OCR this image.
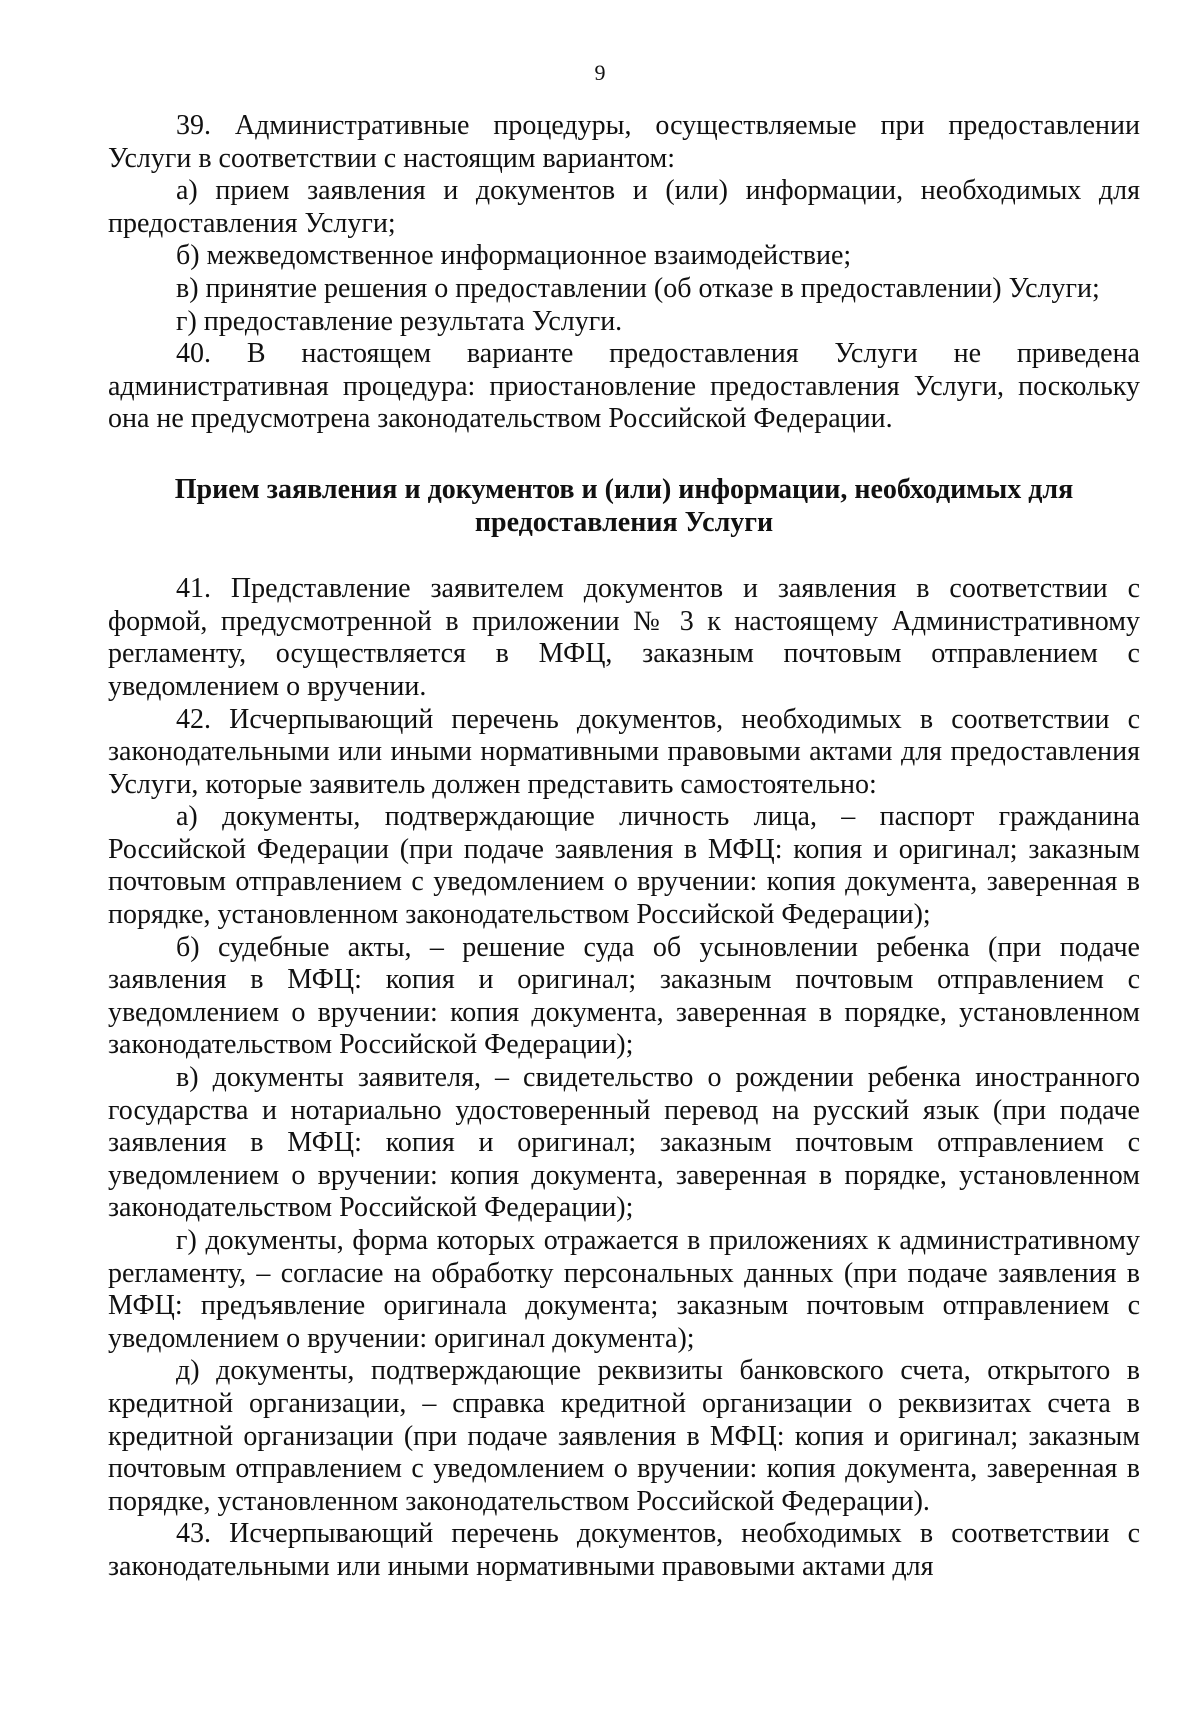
9

39. Административные процедуры, осуществляемые при предоставлении Услуги в соответствии с настоящим вариантом:

а) прием заявления и документов и (или) информации, необходимых для предоставления Услуги;

б) межведомственное информационное взаимодействие;

в) принятие решения о предоставлении (об отказе в предоставлении) Услуги;

г) предоставление результата Услуги.

40. В настоящем варианте предоставления Услуги не приведена административная процедура: приостановление предоставления Услуги, поскольку она не предусмотрена законодательством Российской Федерации.

Прием заявления и документов и (или) информации, необходимых для
предоставления Услуги

41. Представление заявителем документов и заявления в соответствии с формой, предусмотренной в приложении № 3 к настоящему Административному регламенту, осуществляется в МФЦ, заказным почтовым отправлением с уведомлением о вручении.

42. Исчерпывающий перечень документов, необходимых в соответствии с законодательными или иными нормативными правовыми актами для предоставления Услуги, которые заявитель должен представить самостоятельно:

а) документы, подтверждающие личность лица, – паспорт гражданина Российской Федерации (при подаче заявления в МФЦ: копия и оригинал; заказным почтовым отправлением с уведомлением о вручении: копия документа, заверенная в порядке, установленном законодательством Российской Федерации);

б) судебные акты, – решение суда об усыновлении ребенка (при подаче заявления в МФЦ: копия и оригинал; заказным почтовым отправлением с уведомлением о вручении: копия документа, заверенная в порядке, установленном законодательством Российской Федерации);

в) документы заявителя, – свидетельство о рождении ребенка иностранного государства и нотариально удостоверенный перевод на русский язык (при подаче заявления в МФЦ: копия и оригинал; заказным почтовым отправлением с уведомлением о вручении: копия документа, заверенная в порядке, установленном законодательством Российской Федерации);

г) документы, форма которых отражается в приложениях к административному регламенту, – согласие на обработку персональных данных (при подаче заявления в МФЦ: предъявление оригинала документа; заказным почтовым отправлением с уведомлением о вручении: оригинал документа);

д) документы, подтверждающие реквизиты банковского счета, открытого в кредитной организации, – справка кредитной организации о реквизитах счета в кредитной организации (при подаче заявления в МФЦ: копия и оригинал; заказным почтовым отправлением с уведомлением о вручении: копия документа, заверенная в порядке, установленном законодательством Российской Федерации).

43. Исчерпывающий перечень документов, необходимых в соответствии с законодательными или иными нормативными правовыми актами для
